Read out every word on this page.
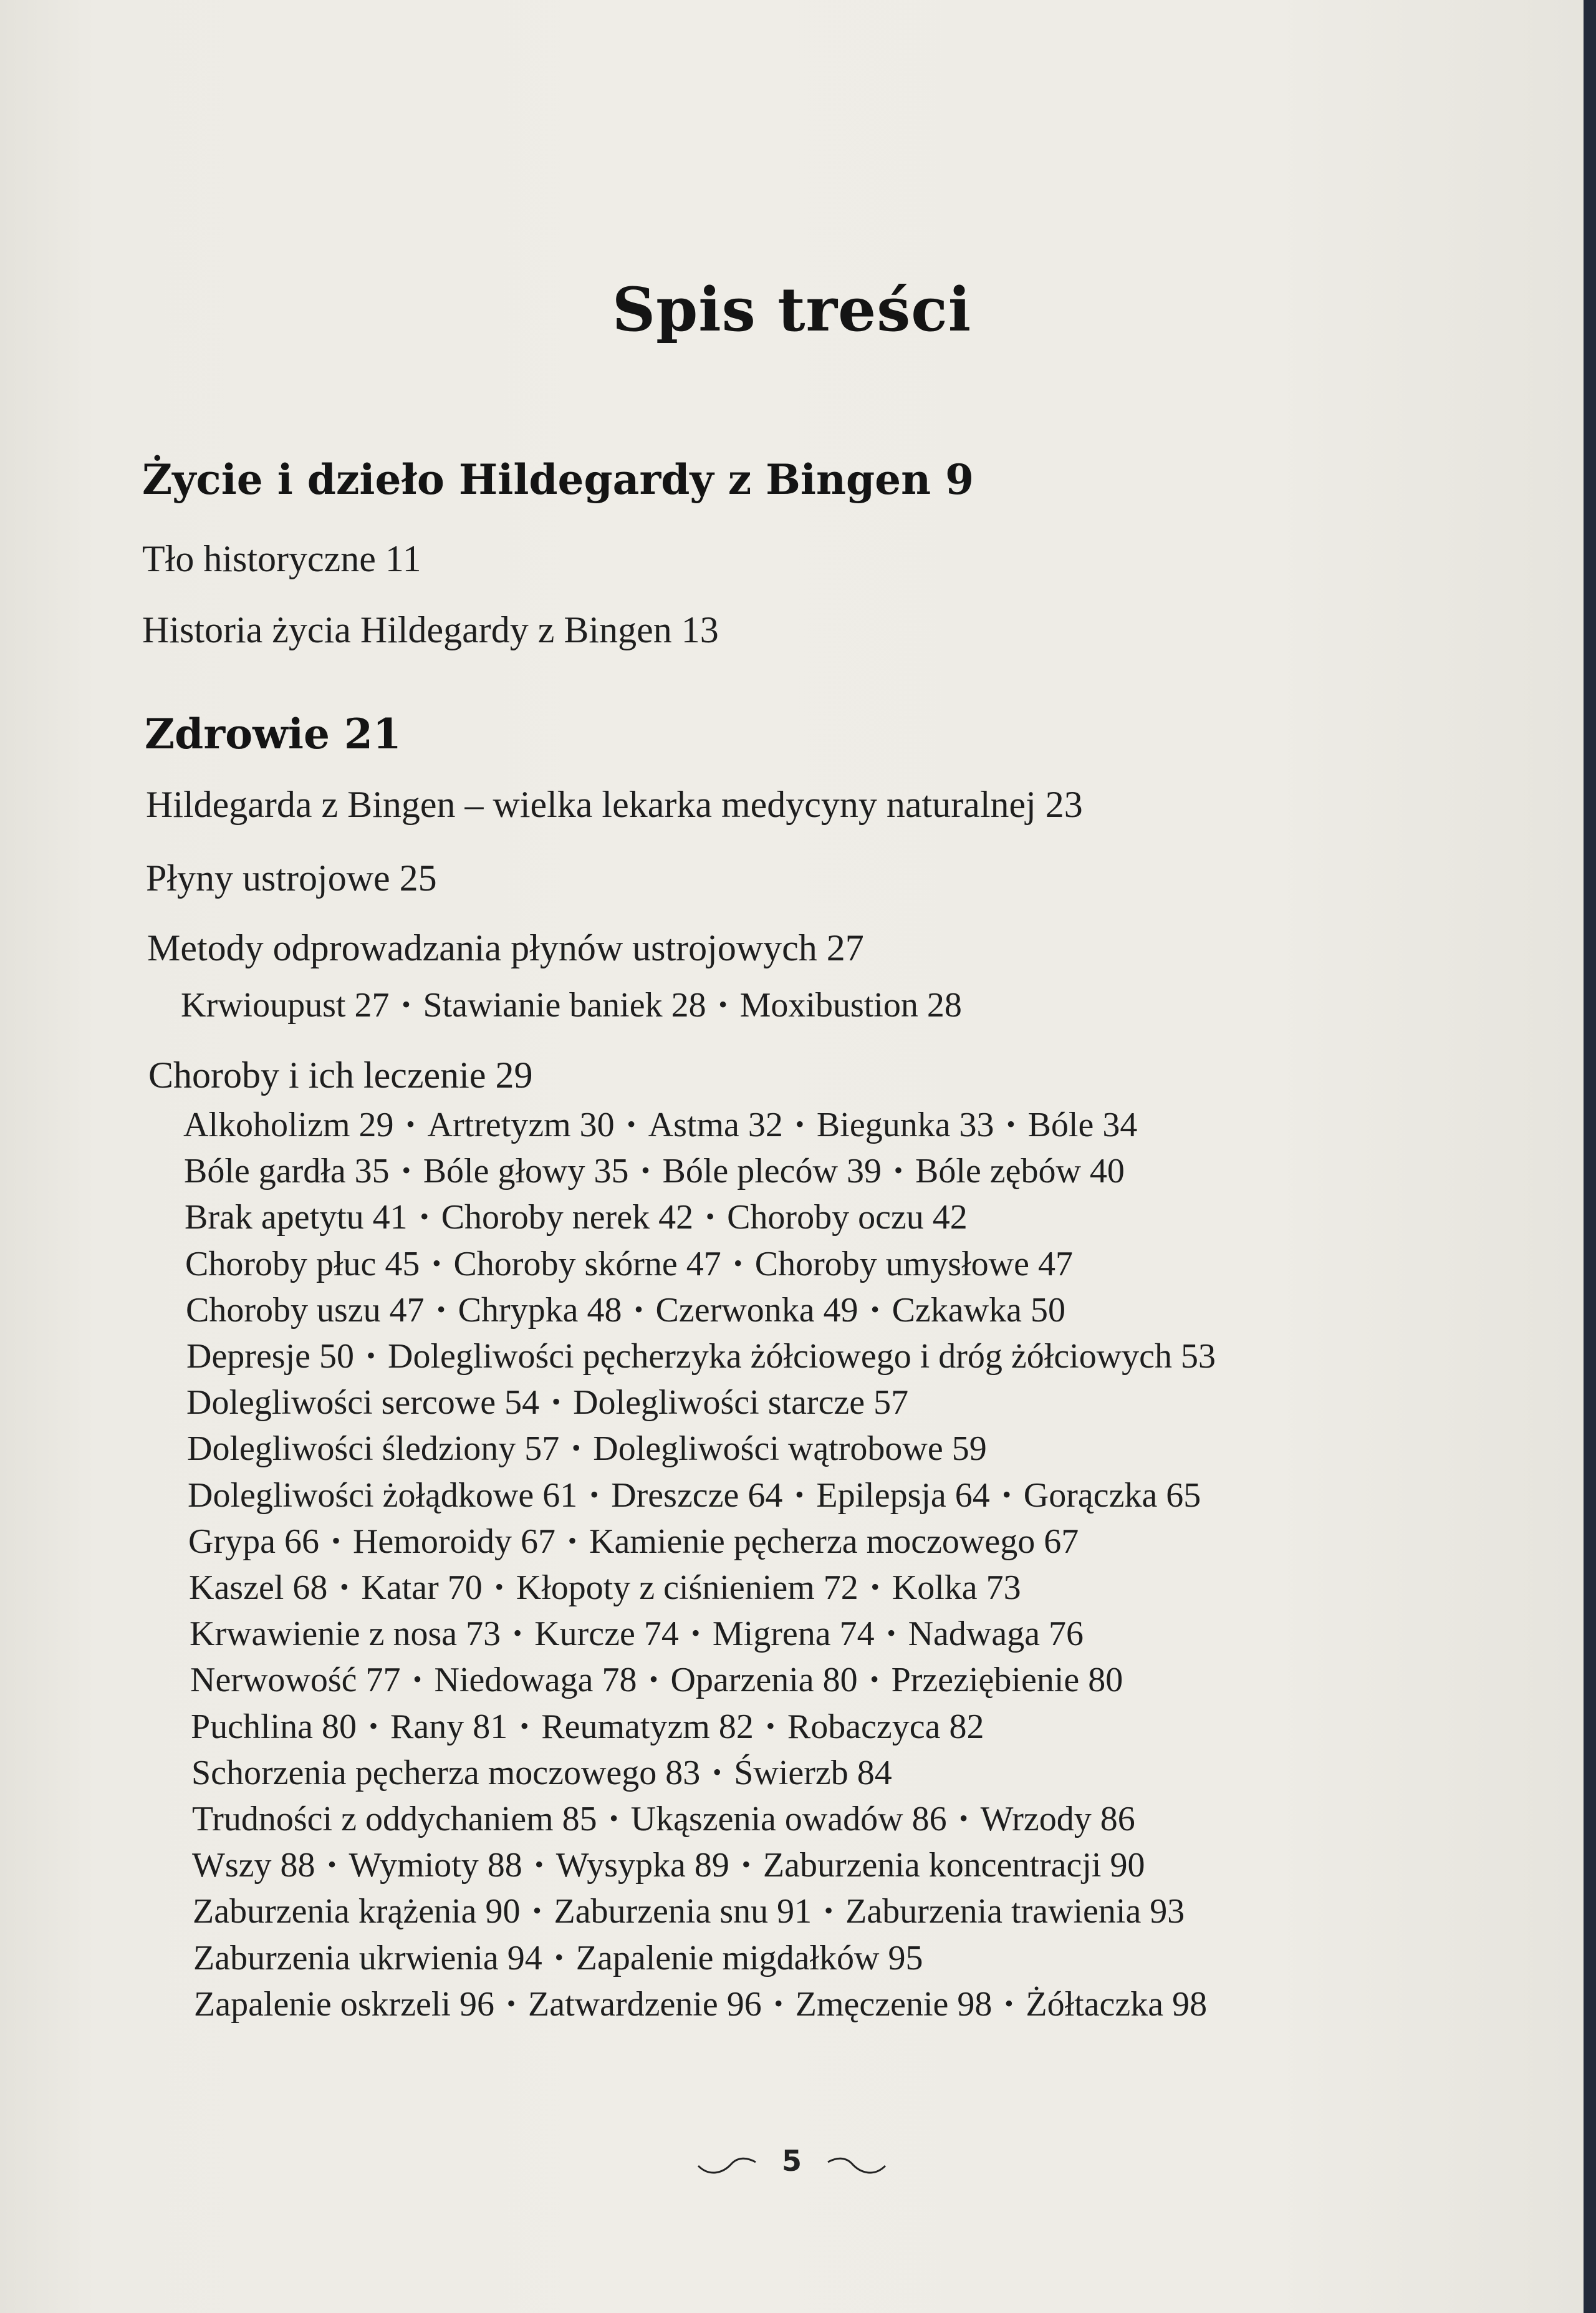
Spis treści
Życie i dzieło Hildegardy z Bingen 9
Tło historyczne 11
Historia życia Hildegardy z Bingen 13
Zdrowie 21
Hildegarda z Bingen – wielka lekarka medycyny naturalnej 23
Płyny ustrojowe 25
Metody odprowadzania płynów ustrojowych 27
Krwioupust 27 • Stawianie baniek 28 • Moxibustion 28
Choroby i ich leczenie 29
Alkoholizm 29 • Artretyzm 30 • Astma 32 • Biegunka 33 • Bóle 34
Bóle gardła 35 • Bóle głowy 35 • Bóle pleców 39 • Bóle zębów 40
Brak apetytu 41 • Choroby nerek 42 • Choroby oczu 42
Choroby płuc 45 • Choroby skórne 47 • Choroby umysłowe 47
Choroby uszu 47 • Chrypka 48 • Czerwonka 49 • Czkawka 50
Depresje 50 • Dolegliwości pęcherzyka żółciowego i dróg żółciowych 53
Dolegliwości sercowe 54 • Dolegliwości starcze 57
Dolegliwości śledziony 57 • Dolegliwości wątrobowe 59
Dolegliwości żołądkowe 61 • Dreszcze 64 • Epilepsja 64 • Gorączka 65
Grypa 66 • Hemoroidy 67 • Kamienie pęcherza moczowego 67
Kaszel 68 • Katar 70 • Kłopoty z ciśnieniem 72 • Kolka 73
Krwawienie z nosa 73 • Kurcze 74 • Migrena 74 • Nadwaga 76
Nerwowość 77 • Niedowaga 78 • Oparzenia 80 • Przeziębienie 80
Puchlina 80 • Rany 81 • Reumatyzm 82 • Robaczyca 82
Schorzenia pęcherza moczowego 83 • Świerzb 84
Trudności z oddychaniem 85 • Ukąszenia owadów 86 • Wrzody 86
Wszy 88 • Wymioty 88 • Wysypka 89 • Zaburzenia koncentracji 90
Zaburzenia krążenia 90 • Zaburzenia snu 91 • Zaburzenia trawienia 93
Zaburzenia ukrwienia 94 • Zapalenie migdałków 95
Zapalenie oskrzeli 96 • Zatwardzenie 96 • Zmęczenie 98 • Żółtaczka 98
5
